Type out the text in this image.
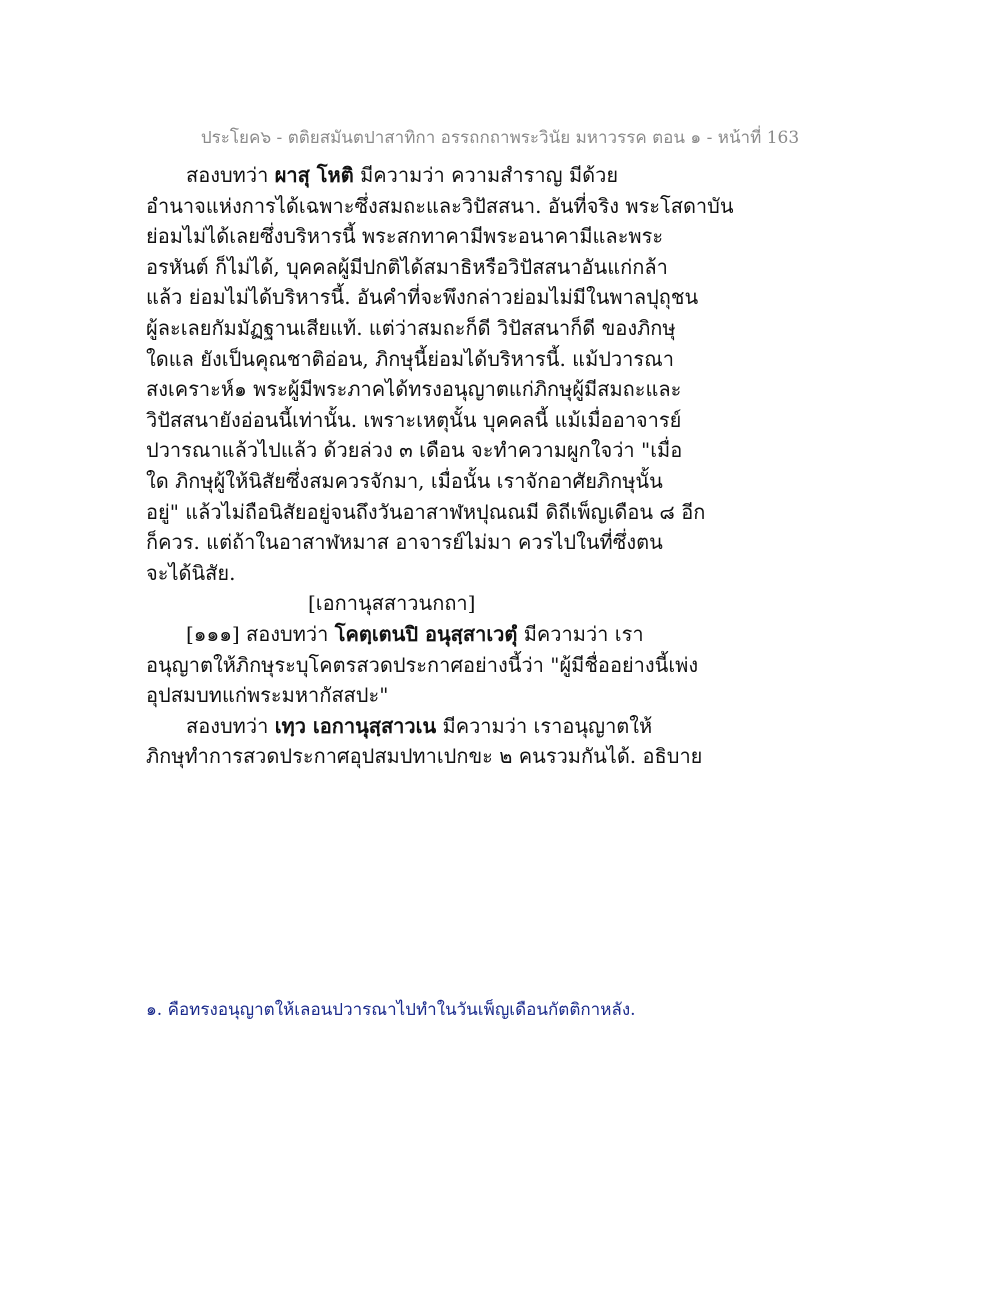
ประโยค๖ - ตติยสมันตปาสาทิกา อรรถกถาพระวินัย มหาวรรค ตอน ๑ - หน้าที่ 163
สองบทว่า ผาสุ โหติ มีความว่า ความสำราญ มีด้วย
อำนาจแห่งการได้เฉพาะซึ่งสมถะและวิปัสสนา. อันที่จริง พระโสดาบัน
ย่อมไม่ได้เลยซึ่งบริหารนี้ พระสกทาคามีพระอนาคามีและพระ
อรหันต์ ก็ไม่ได้, บุคคลผู้มีปกติได้สมาธิหรือวิปัสสนาอันแก่กล้า
แล้ว ย่อมไม่ได้บริหารนี้. อันคำที่จะพึงกล่าวย่อมไม่มีในพาลปุถุชน
ผู้ละเลยกัมมัฏฐานเสียแท้. แต่ว่าสมถะก็ดี วิปัสสนาก็ดี ของภิกษุ
ใดแล ยังเป็นคุณชาติอ่อน, ภิกษุนี้ย่อมได้บริหารนี้. แม้ปวารณา
สงเคราะห์๑ พระผู้มีพระภาคได้ทรงอนุญาตแก่ภิกษุผู้มีสมถะและ
วิปัสสนายังอ่อนนี้เท่านั้น. เพราะเหตุนั้น บุคคลนี้ แม้เมื่ออาจารย์
ปวารณาแล้วไปแล้ว ด้วยล่วง ๓ เดือน จะทำความผูกใจว่า "เมื่อ
ใด ภิกษุผู้ให้นิสัยซึ่งสมควรจักมา, เมื่อนั้น เราจักอาศัยภิกษุนั้น
อยู่" แล้วไม่ถือนิสัยอยู่จนถึงวันอาสาฬหปุณณมี ดิถีเพ็ญเดือน ๘ อีก
ก็ควร. แต่ถ้าในอาสาฬหมาส อาจารย์ไม่มา ควรไปในที่ซึ่งตน
จะได้นิสัย.
[เอกานุสสาวนกถา]
[๑๑๑] สองบทว่า โคตฺเตนปิ อนุสฺสาเวตุํ มีความว่า เรา
อนุญาตให้ภิกษุระบุโคตรสวดประกาศอย่างนี้ว่า "ผู้มีชื่ออย่างนี้เพ่ง
อุปสมบทแก่พระมหากัสสปะ"
สองบทว่า เทฺว เอกานุสฺสาวเน มีความว่า เราอนุญาตให้
ภิกษุทำการสวดประกาศอุปสมปทาเปกขะ ๒ คนรวมกันได้. อธิบาย
๑. คือทรงอนุญาตให้เลอนปวารณาไปทำในวันเพ็ญเดือนกัตติกาหลัง.
